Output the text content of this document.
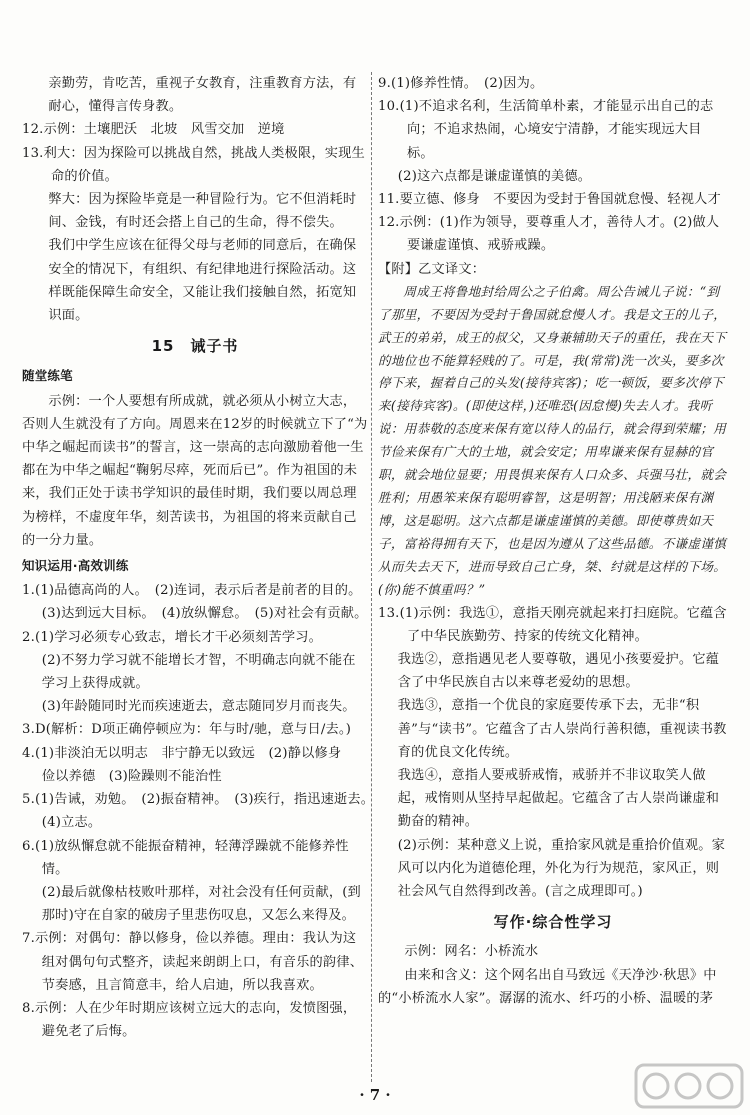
亲勤劳，肯吃苦，重视子女教育，注重教育方法，有耐心，懂得言传身教。

12.示例：土壤肥沃　北坡　风雪交加　逆境

13.利大：因为探险可以挑战自然，挑战人类极限，实现生命的价值。

弊大：因为探险毕竟是一种冒险行为。它不但消耗时间、金钱，有时还会搭上自己的生命，得不偿失。

我们中学生应该在征得父母与老师的同意后，在确保安全的情况下，有组织、有纪律地进行探险活动。这样既能保障生命安全，又能让我们接触自然，拓宽知识面。

15　诫子书
随堂练笔

示例：一个人要想有所成就，就必须从小树立大志，否则人生就没有了方向。周恩来在12岁的时候就立下了“为中华之崛起而读书”的誓言，这一崇高的志向激励着他一生都在为中华之崛起“鞠躬尽瘁，死而后已”。作为祖国的未来，我们正处于读书学知识的最佳时期，我们要以周总理为榜样，不虚度年华，刻苦读书，为祖国的将来贡献自己的一分力量。

知识运用·高效训练

1.(1)品德高尚的人。　(2)连词，表示后者是前者的目的。　(3)达到远大目标。　(4)放纵懈怠。　(5)对社会有贡献。

2.(1)学习必须专心致志，增长才干必须刻苦学习。

(2)不努力学习就不能增长才智，不明确志向就不能在学习上获得成就。

(3)年龄随同时光而疾速逝去，意志随同岁月而丧失。

3.D(解析：D项正确停顿应为：年与时/驰，意与日/去。)

4.(1)非淡泊无以明志　非宁静无以致远　(2)静以修身　俭以养德　(3)险躁则不能治性

5.(1)告诫，劝勉。　(2)振奋精神。　(3)疾行，指迅速逝去。　(4)立志。

6.(1)放纵懈怠就不能振奋精神，轻薄浮躁就不能修养性情。

(2)最后就像枯枝败叶那样，对社会没有任何贡献，(到那时)守在自家的破房子里悲伤叹息，又怎么来得及。

7.示例：对偶句：静以修身，俭以养德。理由：我认为这组对偶句句式整齐，读起来朗朗上口，有音乐的韵律、节奏感，且言简意丰，给人启迪，所以我喜欢。

8.示例：人在少年时期应该树立远大的志向，发愤图强，避免老了后悔。

9.(1)修养性情。　(2)因为。

10.(1)不追求名利，生活简单朴素，才能显示出自己的志向；不追求热闹，心境安宁清静，才能实现远大目标。

(2)这六点都是谦虚谨慎的美德。

11.要立德、修身　不要因为受封于鲁国就怠慢、轻视人才

12.示例：(1)作为领导，要尊重人才，善待人才。(2)做人要谦虚谨慎、戒骄戒躁。

【附】乙文译文：

周成王将鲁地封给周公之子伯禽。周公告诫儿子说：“到了那里，不要因为受封于鲁国就怠慢人才。我是文王的儿子，武王的弟弟，成王的叔父，又身兼辅助天子的重任，我在天下的地位也不能算轻贱的了。可是，我(常常)洗一次头，要多次停下来，握着自己的头发(接待宾客)；吃一顿饭，要多次停下来(接待宾客)。(即使这样，)还唯恐(因怠慢)失去人才。我听说：用恭敬的态度来保有宽以待人的品行，就会得到荣耀；用节俭来保有广大的土地，就会安定；用卑谦来保有显赫的官职，就会地位显要；用畏惧来保有人口众多、兵强马壮，就会胜利；用愚笨来保有聪明睿智，这是明智；用浅陋来保有渊博，这是聪明。这六点都是谦虚谨慎的美德。即使尊贵如天子，富裕得拥有天下，也是因为遵从了这些品德。不谦虚谨慎从而失去天下，进而导致自己亡身，桀、纣就是这样的下场。(你)能不慎重吗？”

13.(1)示例：我选①，意指天刚亮就起来打扫庭院。它蕴含了中华民族勤劳、持家的传统文化精神。

我选②，意指遇见老人要尊敬，遇见小孩要爱护。它蕴含了中华民族自古以来尊老爱幼的思想。

我选③，意指一个优良的家庭要传承下去，无非“积善”与“读书”。它蕴含了古人崇尚行善积德，重视读书教育的优良文化传统。

我选④，意指人要戒骄戒惰，戒骄并不非议取笑人做起，戒惰则从坚持早起做起。它蕴含了古人崇尚谦虚和勤奋的精神。

(2)示例：某种意义上说，重拾家风就是重拾价值观。家风可以内化为道德伦理，外化为行为规范，家风正，则社会风气自然得到改善。(言之成理即可。)

写作·综合性学习

示例：网名：小桥流水

由来和含义：这个网名出自马致远《天净沙·秋思》中的“小桥流水人家”。潺潺的流水、纤巧的小桥、温暖的茅

· 7 ·
